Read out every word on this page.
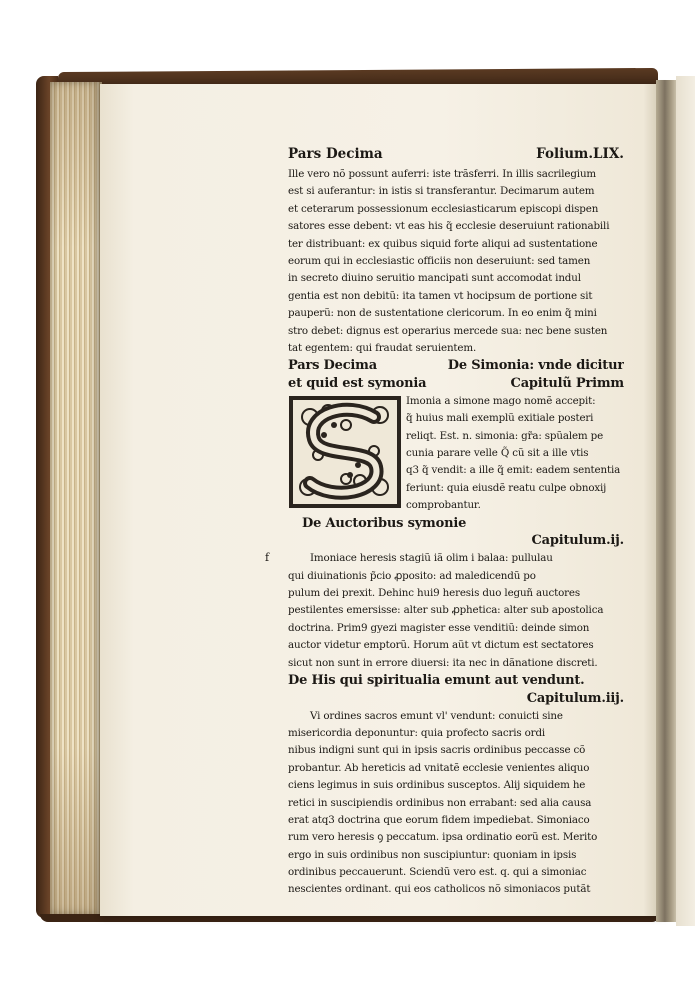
Pars Decima	Folium.LIX.
Ille vero nõ possunt auferri: iste trãsferri. In illis sacrilegium
est si auferantur: in istis si transferantur. Decimarum autem
et ceterarum possessionum ecclesiasticarum episcopi dispen
satores esse debent: vt eas his q̃ ecclesie deseruiunt rationabili
ter distribuant: ex quibus siquid forte aliqui ad sustentatione
eorum qui in ecclesiastic officiis non deseruiunt: sed tamen
in secreto diuino seruitio mancipati sunt accomodat indul
gentia est non debitũ: ita tamen vt hocipsum de portione sit
pauperũ: non de sustentatione clericorum. In eo enim q̃ mini
stro debet: dignus est operarius mercede sua: nec bene susten
tat egentem: qui fraudat seruientem.
Pars Decima	De Simonia: vnde dicitur
et quid est symonia	Capitulũ Primm
Imonia a simone mago nomẽ accepit:
q̃ huius mali exemplũ exitiale posteri
reliqt. Est. n. simonia: gr̃a: spũalem pe
cunia parare velle Q̃ cũ sit a ille vtis
q3 q̃ vendit: a ille q̃ emit: eadem sententia
feriunt: quia eiusdẽ reatu culpe obnoxij
comprobantur.
De Auctoribus symonie
Capitulum.ij.
f	Imoniace heresis stagiũ iã olim i balaa: pullulau
qui diuinationis p̃cio ꝓposito: ad maledicendũ po
pulum dei prexit. Dehinc hui9 heresis duo leguñ auctores
pestilentes emersisse: alter sub ꝓphetica: alter sub apostolica
doctrina. Prim9 gyezi magister esse venditiũ: deinde simon
auctor videtur emptorũ. Horum aũt vt dictum est sectatores
sicut non sunt in errore diuersi: ita nec in dãnatione discreti.
De His qui spiritualia emunt aut vendunt.
Capitulum.iij.
Vi ordines sacros emunt vl' vendunt: conuicti sine
misericordia deponuntur: quia profecto sacris ordi
nibus indigni sunt qui in ipsis sacris ordinibus peccasse cõ
probantur. Ab hereticis ad vnitatẽ ecclesie venientes aliquo
ciens legimus in suis ordinibus susceptos. Alij siquidem he
retici in suscipiendis ordinibus non errabant: sed alia causa
erat atq3 doctrina que eorum fidem impediebat. Simoniaco
rum vero heresis ꝯ peccatum. ipsa ordinatio eorũ est. Merito
ergo in suis ordinibus non suscipiuntur: quoniam in ipsis
ordinibus peccauerunt. Sciendũ vero est. q. qui a simoniac
nescientes ordinant. qui eos catholicos nõ simoniacos putãt
